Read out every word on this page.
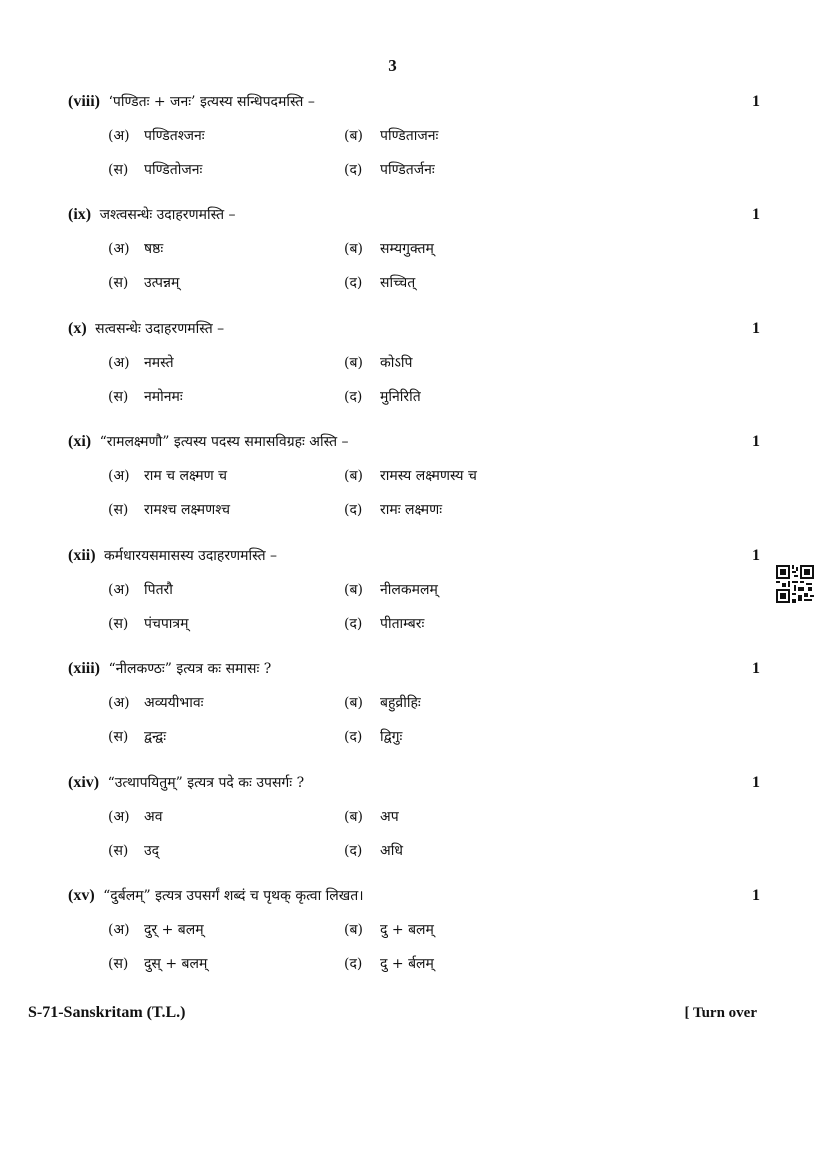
3
(viii) ‘पण्डितः + जनः’ इत्यस्य सन्धिपदमस्ति –	1
(अ) पण्डितश्जनः	(ब) पण्डिताजनः
(स) पण्डितोजनः	(द) पण्डितर्जनः
(ix) जश्त्वसन्धेः उदाहरणमस्ति –	1
(अ) षष्ठः	(ब) सम्यगुक्तम्
(स) उत्पन्नम्	(द) सच्चित्
(x) सत्वसन्धेः उदाहरणमस्ति –	1
(अ) नमस्ते	(ब) कोऽपि
(स) नमोनमः	(द) मुनिरिति
(xi) “रामलक्ष्मणौ” इत्यस्य पदस्य समासविग्रहः अस्ति –	1
(अ) राम च लक्ष्मण च	(ब) रामस्य लक्ष्मणस्य च
(स) रामश्च लक्ष्मणश्च	(द) रामः लक्ष्मणः
(xii) कर्मधारयसमासस्य उदाहरणमस्ति –	1
(अ) पितरौ	(ब) नीलकमलम्
(स) पंचपात्रम्	(द) पीताम्बरः
(xiii) “नीलकण्ठः” इत्यत्र कः समासः ?	1
(अ) अव्ययीभावः	(ब) बहुव्रीहिः
(स) द्वन्द्वः	(द) द्विगुः
(xiv) “उत्थापयितुम्” इत्यत्र पदे कः उपसर्गः ?	1
(अ) अव	(ब) अप
(स) उद्	(द) अधि
(xv) “दुर्बलम्” इत्यत्र उपसर्गं शब्दं च पृथक् कृत्वा लिखत।	1
(अ) दुर् + बलम्	(ब) दु + बलम्
(स) दुस् + बलम्	(द) दु + र्बलम्
S-71-Sanskritam (T.L.)	[ Turn over
